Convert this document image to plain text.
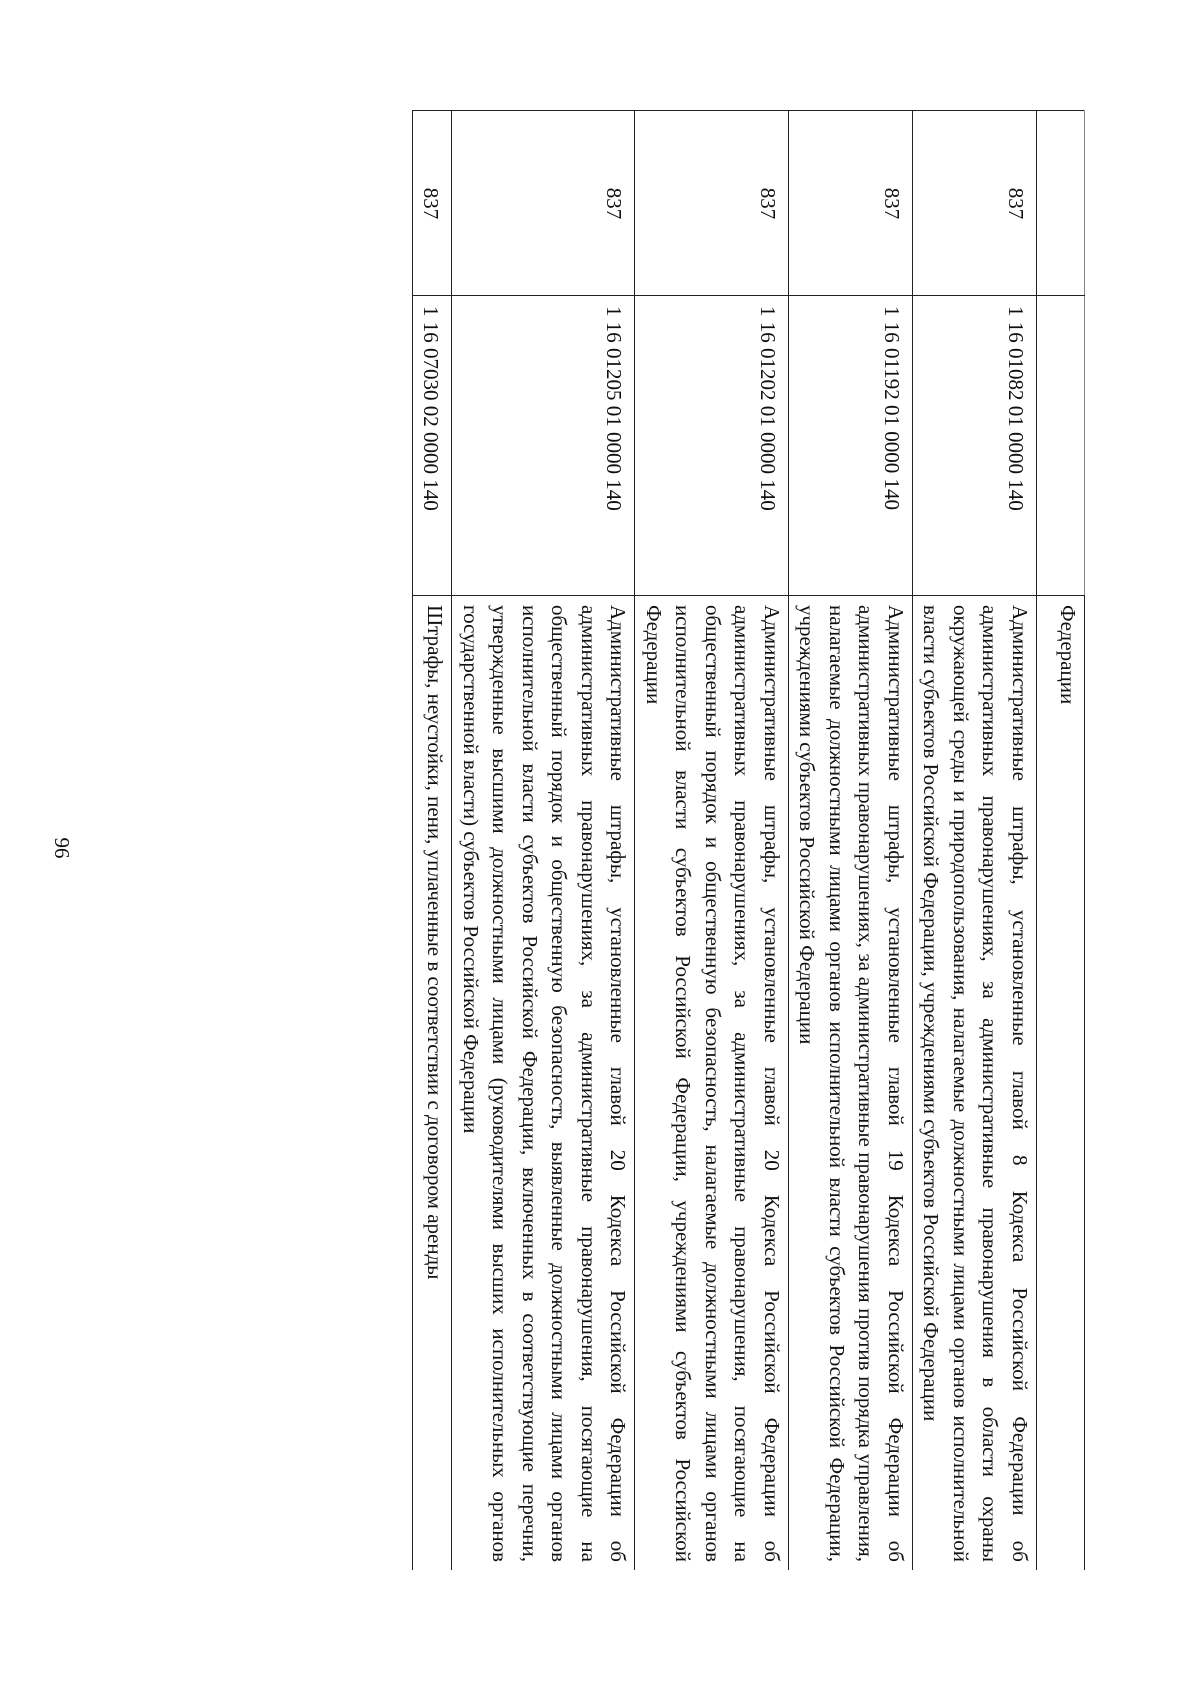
96
		Федерации
837	1 16 01082 01 0000 140	Административные штрафы, установленные главой 8 Кодекса Российской Федерации об административных правонарушениях, за административные правонарушения в области охраны окружающей среды и природопользования, налагаемые должностными лицами органов исполнительной власти субъектов Российской Федерации, учреждениями субъектов Российской Федерации
837	1 16 01192 01 0000 140	Административные штрафы, установленные главой 19 Кодекса Российской Федерации об административных правонарушениях, за административные правонарушения против порядка управления, налагаемые должностными лицами органов исполнительной власти субъектов Российской Федерации, учреждениями субъектов Российской Федерации
837	1 16 01202 01 0000 140	Административные штрафы, установленные главой 20 Кодекса Российской Федерации об административных правонарушениях, за административные правонарушения, посягающие на общественный порядок и общественную безопасность, налагаемые должностными лицами органов исполнительной власти субъектов Российской Федерации, учреждениями субъектов Российской Федерации
837	1 16 01205 01 0000 140	Административные штрафы, установленные главой 20 Кодекса Российской Федерации об административных правонарушениях, за административные правонарушения, посягающие на общественный порядок и общественную безопасность, выявленные должностными лицами органов исполнительной власти субъектов Российской Федерации, включенных в соответствующие перечни, утвержденные высшими должностными лицами (руководителями высших исполнительных органов государственной власти) субъектов Российской Федерации
837	1 16 07030 02 0000 140	Штрафы, неустойки, пени, уплаченные в соответствии с договором аренды
